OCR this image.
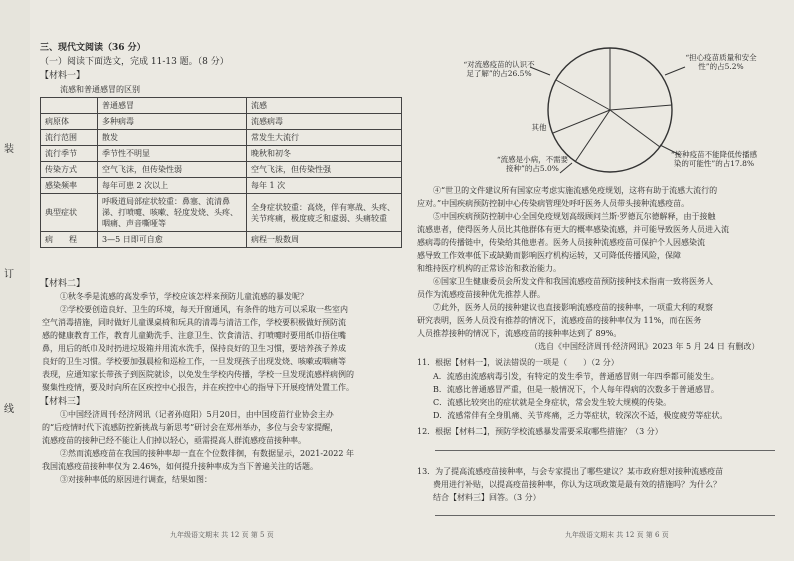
装
订
线
三、现代文阅读（36 分）
（一）阅读下面选文，完成 11-13 题。（8 分）
【材料一】
流感和普通感冒的区别
	普通感冒	流感
病原体	多种病毒	流感病毒
流行范围	散发	常发生大流行
流行季节	季节性不明显	晚秋和初冬
传染方式	空气飞沫，但传染性弱	空气飞沫，但传染性强
感染频率	每年可患 2 次以上	每年 1 次
典型症状	呼吸道局部症状较重：鼻塞、流清鼻涕、打喷嚏、咳嗽、轻度发烧、头疼、咽痛、声音嘶哑等	全身症状较重：高烧，伴有寒战、头疼、关节疼痛，极度疲乏和虚弱、头痛较重
病　　程	3—5 日即可自愈	病程一般数周
【材料二】
①秋冬季是流感的高发季节，学校应该怎样来预防儿童流感的暴发呢？
②学校要创造良好、卫生的环境，每天开窗通风，有条件的地方可以采取一些室内
空气消毒措施，同时做好儿童课桌椅和玩具的清毒与清洁工作，学校要积极做好预防流
感的健康教育工作，教育儿童勤洗手、注意卫生、饮食清洁、打喷嚏时要用纸巾捂住嘴
鼻，用后的纸巾及时扔进垃圾箱并用流水洗手，保持良好的卫生习惯，要培养孩子养成
良好的卫生习惯。学校要加强晨检和巡检工作，一旦发现孩子出现发烧、咳嗽或咽痛等
表现，应通知家长带孩子到医院就诊，以免发生学校内传播，学校一旦发现流感样病例的
聚集性疫情，要及时向所在区疾控中心报告，并在疾控中心的指导下开展疫情处置工作。
【材料三】
①中国经济周刊·经济网讯（记者孙庭阳）5月20日，由中国疫苗行业协会主办
的“后疫情时代下流感防控新挑战与新思考”研讨会在郑州举办，多位与会专家提醒，
流感疫苗的接种已经不能让人们掉以轻心，亟需提高人群流感疫苗接种率。
②然而流感疫苗在我国的接种率却一直在个位数徘徊，有数据显示，2021-2022 年
我国流感疫苗接种率仅为 2.46%，如何提升接种率成为当下普遍关注的话题。
③对接种率低的原因进行调查，结果如图：
九年级语文期末 共 12 页 第 5 页
“对流感疫苗的认识不足了解”的占26.5%
“担心疫苗质量和安全性”的占5.2%
其他
“接种疫苗不能降低传播感染的可能性”的占17.8%
“流感是小病，不需要接种”的占5.0%
④“世卫的文件建议所有国家应考虑实施流感免疫规划，这将有助于流感大流行的
应对。”中国疾病预防控制中心传染病管理处呼吁医务人员带头接种流感疫苗。
⑤中国疾病预防控制中心全国免疫规划高级顾问兰斯·罗德瓦尔德解释，由于接触
流感患者，使得医务人员比其他群体有更大的概率感染流感，并可能导致医务人员进入流
感病毒的传播链中，传染给其他患者。医务人员接种流感疫苗可保护个人因感染流
感导致工作效率低下或缺勤而影响医疗机构运转，又可降低传播风险，保障
和维持医疗机构的正常诊治和救治能力。
⑥国家卫生健康委员会所发文件和我国流感疫苗预防接种技术指南一致将医务人
员作为流感疫苗接种优先推荐人群。
⑦此外，医务人员的接种建议也直接影响流感疫苗的接种率，一项重大利的观察
研究表明，医务人员没有推荐的情况下，流感疫苗的接种率仅为 11%，而在医务
人员推荐接种的情况下，流感疫苗的接种率达到了 89%。
（选自《中国经济周刊·经济网讯》2023 年 5 月 24 日 有删改）
11．根据【材料一】，说法错误的一项是（　　）（2 分）
A．流感由流感病毒引发，有特定的发生季节，普通感冒则一年四季都可能发生。
B．流感比普通感冒严重，但是一般情况下，个人每年得病的次数多于普通感冒。
C．流感比较突出的症状就是全身症状，常会发生较大规模的传染。
D．流感常伴有全身肌痛、关节疼痛，乏力等症状，较深次不适，极度疲劳等症状。
12．根据【材料二】，预防学校流感暴发需要采取哪些措施？（3 分）
13．为了提高流感疫苗接种率，与会专家提出了哪些建议？某市政府想对接种流感疫苗
费用进行补贴，以提高疫苗接种率，你认为这项政策是最有效的措施吗？为什么？
结合【材料三】回答。（3 分）
九年级语文期末 共 12 页 第 6 页
